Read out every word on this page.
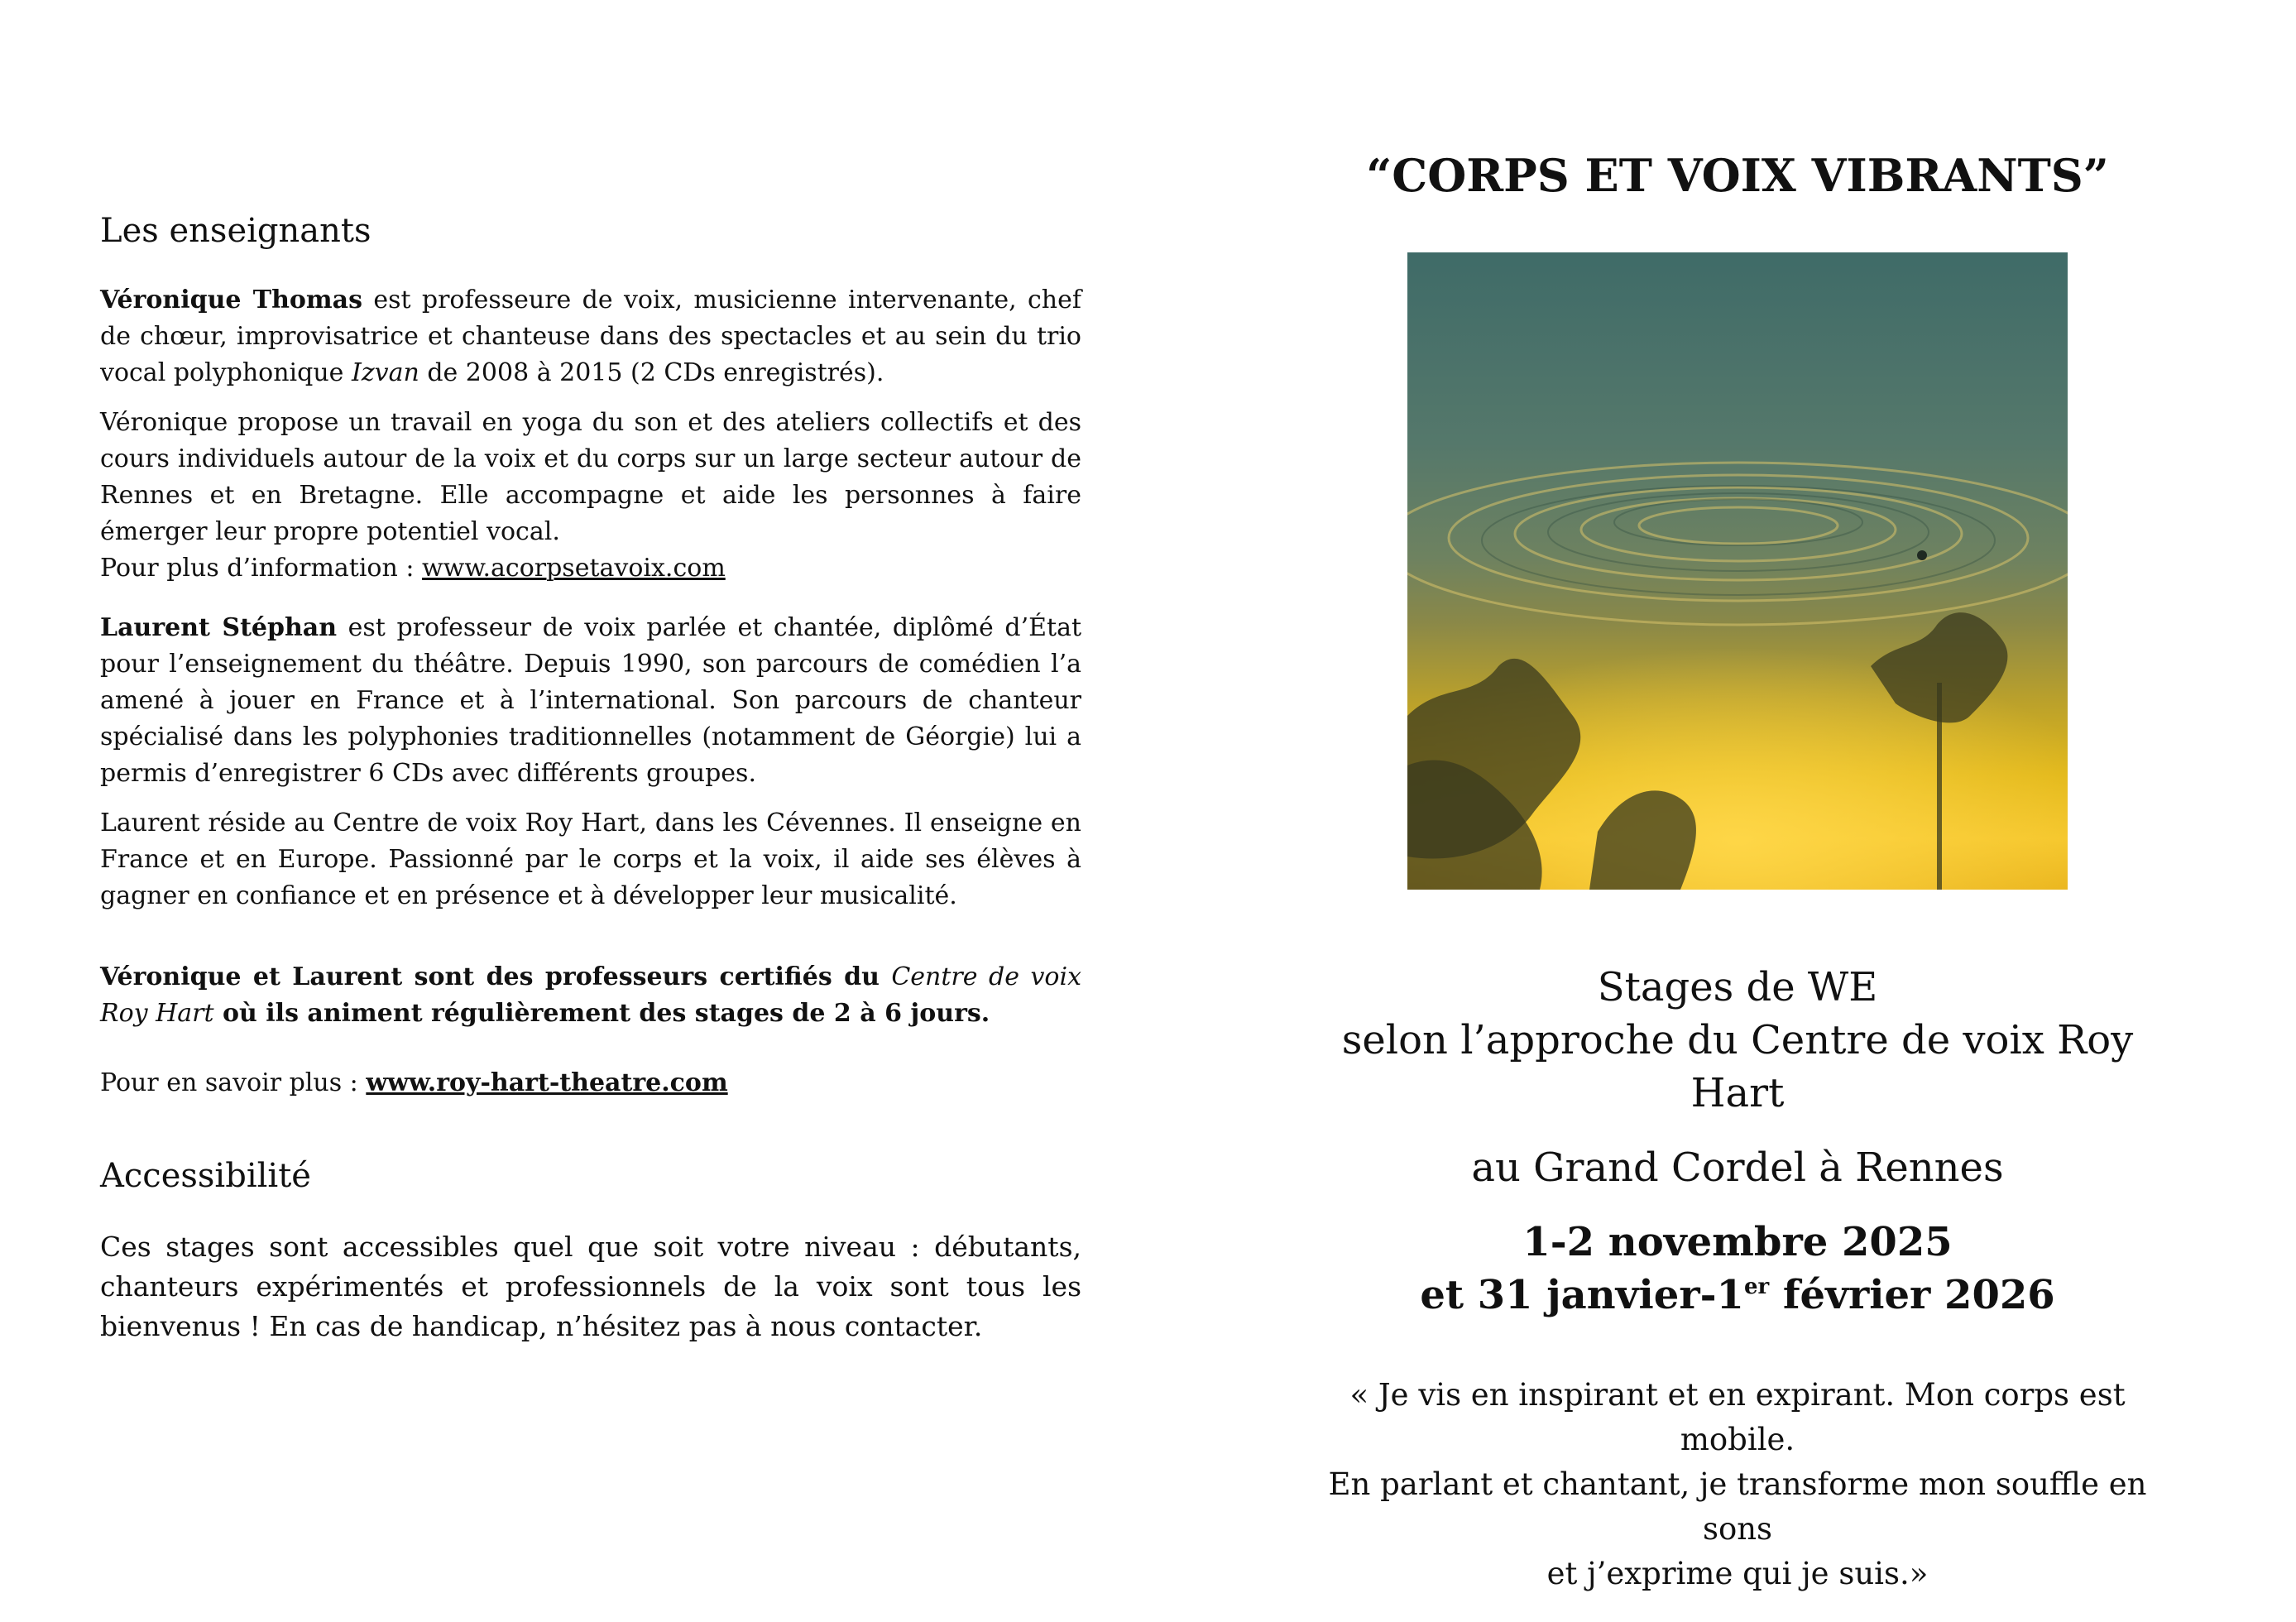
Les enseignants

Véronique Thomas est professeure de voix, musicienne intervenante, chef de chœur, improvisatrice et chanteuse dans des spectacles et au sein du trio vocal polyphonique Izvan de 2008 à 2015 (2 CDs enregistrés).

Véronique propose un travail en yoga du son et des ateliers collectifs et des cours individuels autour de la voix et du corps sur un large secteur autour de Rennes et en Bretagne. Elle accompagne et aide les personnes à faire émerger leur propre potentiel vocal.
Pour plus d’information : www.acorpsetavoix.com

Laurent Stéphan est professeur de voix parlée et chantée, diplômé d’État pour l’enseignement du théâtre. Depuis 1990, son parcours de comédien l’a amené à jouer en France et à l’international. Son parcours de chanteur spécialisé dans les polyphonies traditionnelles (notamment de Géorgie) lui a permis d’enregistrer 6 CDs avec différents groupes.

Laurent réside au Centre de voix Roy Hart, dans les Cévennes. Il enseigne en France et en Europe. Passionné par le corps et la voix, il aide ses élèves à gagner en confiance et en présence et à développer leur musicalité.

Véronique et Laurent sont des professeurs certifiés du Centre de voix Roy Hart où ils animent régulièrement des stages de 2 à 6 jours.

Pour en savoir plus : www.roy-hart-theatre.com

Accessibilité

Ces stages sont accessibles quel que soit votre niveau : débutants, chanteurs expérimentés et professionnels de la voix sont tous les bienvenus ! En cas de handicap, n’hésitez pas à nous contacter.

“CORPS ET VOIX VIBRANTS”
Stages de WE
selon l’approche du Centre de voix Roy Hart
au Grand Cordel à Rennes
1-2 novembre 2025
et 31 janvier-1er février 2026
« Je vis en inspirant et en expirant. Mon corps est mobile.
En parlant et chantant, je transforme mon souffle en sons
et j’exprime qui je suis.»
